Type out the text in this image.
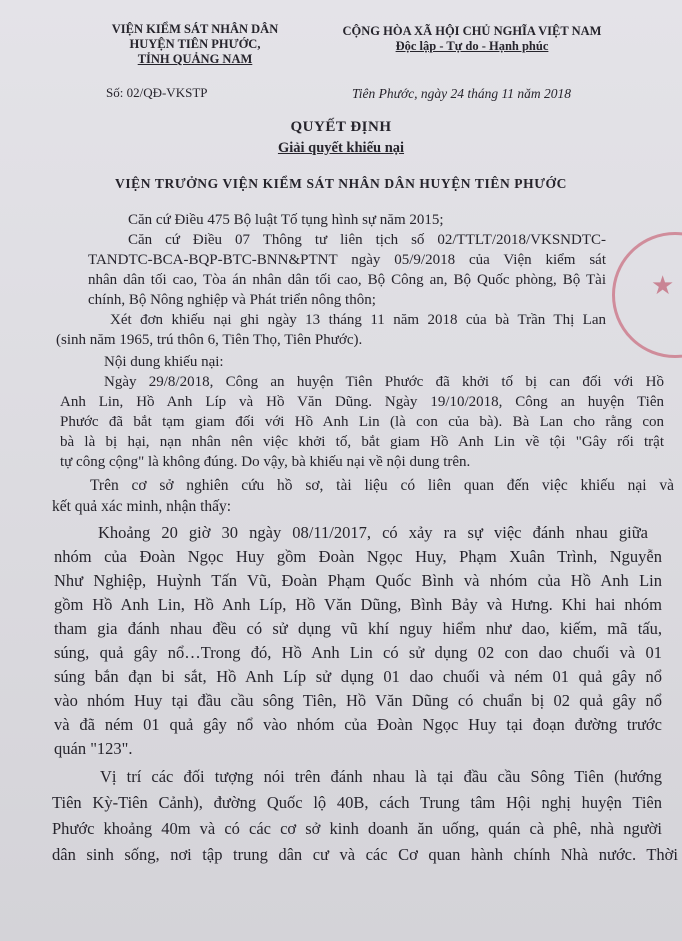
VIỆN KIỂM SÁT NHÂN DÂN
HUYỆN TIÊN PHƯỚC,
TỈNH QUẢNG NAM
CỘNG HÒA XÃ HỘI CHỦ NGHĨA VIỆT NAM
Độc lập - Tự do - Hạnh phúc
Số: 02/QĐ-VKSTP	Tiên Phước, ngày 24 tháng 11 năm 2018
QUYẾT ĐỊNH
Giải quyết khiếu nại
VIỆN TRƯỞNG VIỆN KIỂM SÁT NHÂN DÂN HUYỆN TIÊN PHƯỚC
★
Căn cứ Điều 475 Bộ luật Tố tụng hình sự năm 2015;
Căn cứ Điều 07 Thông tư liên tịch số 02/TTLT/2018/VKSNDTC-
TANDTC-BCA-BQP-BTC-BNN&PTNT ngày 05/9/2018 của Viện kiểm sát
nhân dân tối cao, Tòa án nhân dân tối cao, Bộ Công an, Bộ Quốc phòng, Bộ Tài
chính, Bộ Nông nghiệp và Phát triển nông thôn;
Xét đơn khiếu nại ghi ngày 13 tháng 11 năm 2018 của bà Trần Thị Lan
(sinh năm 1965, trú thôn 6, Tiên Thọ, Tiên Phước).
Nội dung khiếu nại:
Ngày 29/8/2018, Công an huyện Tiên Phước đã khởi tố bị can đối với Hồ
Anh Lin, Hồ Anh Líp và Hồ Văn Dũng. Ngày 19/10/2018, Công an huyện Tiên
Phước đã bắt tạm giam đối với Hồ Anh Lin (là con của bà). Bà Lan cho rằng con
bà là bị hại, nạn nhân nên việc khởi tố, bắt giam Hồ Anh Lin về tội "Gây rối trật
tự công cộng" là không đúng. Do vậy, bà khiếu nại về nội dung trên.
Trên cơ sở nghiên cứu hồ sơ, tài liệu có liên quan đến việc khiếu nại và
kết quả xác minh, nhận thấy:
Khoảng 20 giờ 30 ngày 08/11/2017, có xảy ra sự việc đánh nhau giữa
nhóm của Đoàn Ngọc Huy gồm Đoàn Ngọc Huy, Phạm Xuân Trình, Nguyễn
Như Nghiệp, Huỳnh Tấn Vũ, Đoàn Phạm Quốc Bình và nhóm của Hồ Anh Lin
gồm Hồ Anh Lin, Hồ Anh Líp, Hồ Văn Dũng, Bình Bảy và Hưng. Khi hai nhóm
tham gia đánh nhau đều có sử dụng vũ khí nguy hiểm như dao, kiếm, mã tấu,
súng, quả gây nổ…Trong đó, Hồ Anh Lin có sử dụng 02 con dao chuối và 01
súng bắn đạn bi sắt, Hồ Anh Líp sử dụng 01 dao chuối và ném 01 quả gây nổ
vào nhóm Huy tại đầu cầu sông Tiên, Hồ Văn Dũng có chuẩn bị 02 quả gây nổ
và đã ném 01 quả gây nổ vào nhóm của Đoàn Ngọc Huy tại đoạn đường trước
quán "123".
Vị trí các đối tượng nói trên đánh nhau là tại đầu cầu Sông Tiên (hướng
Tiên Kỳ-Tiên Cảnh), đường Quốc lộ 40B, cách Trung tâm Hội nghị huyện Tiên
Phước khoảng 40m và có các cơ sở kinh doanh ăn uống, quán cà phê, nhà người
dân sinh sống, nơi tập trung dân cư và các Cơ quan hành chính Nhà nước. Thời
